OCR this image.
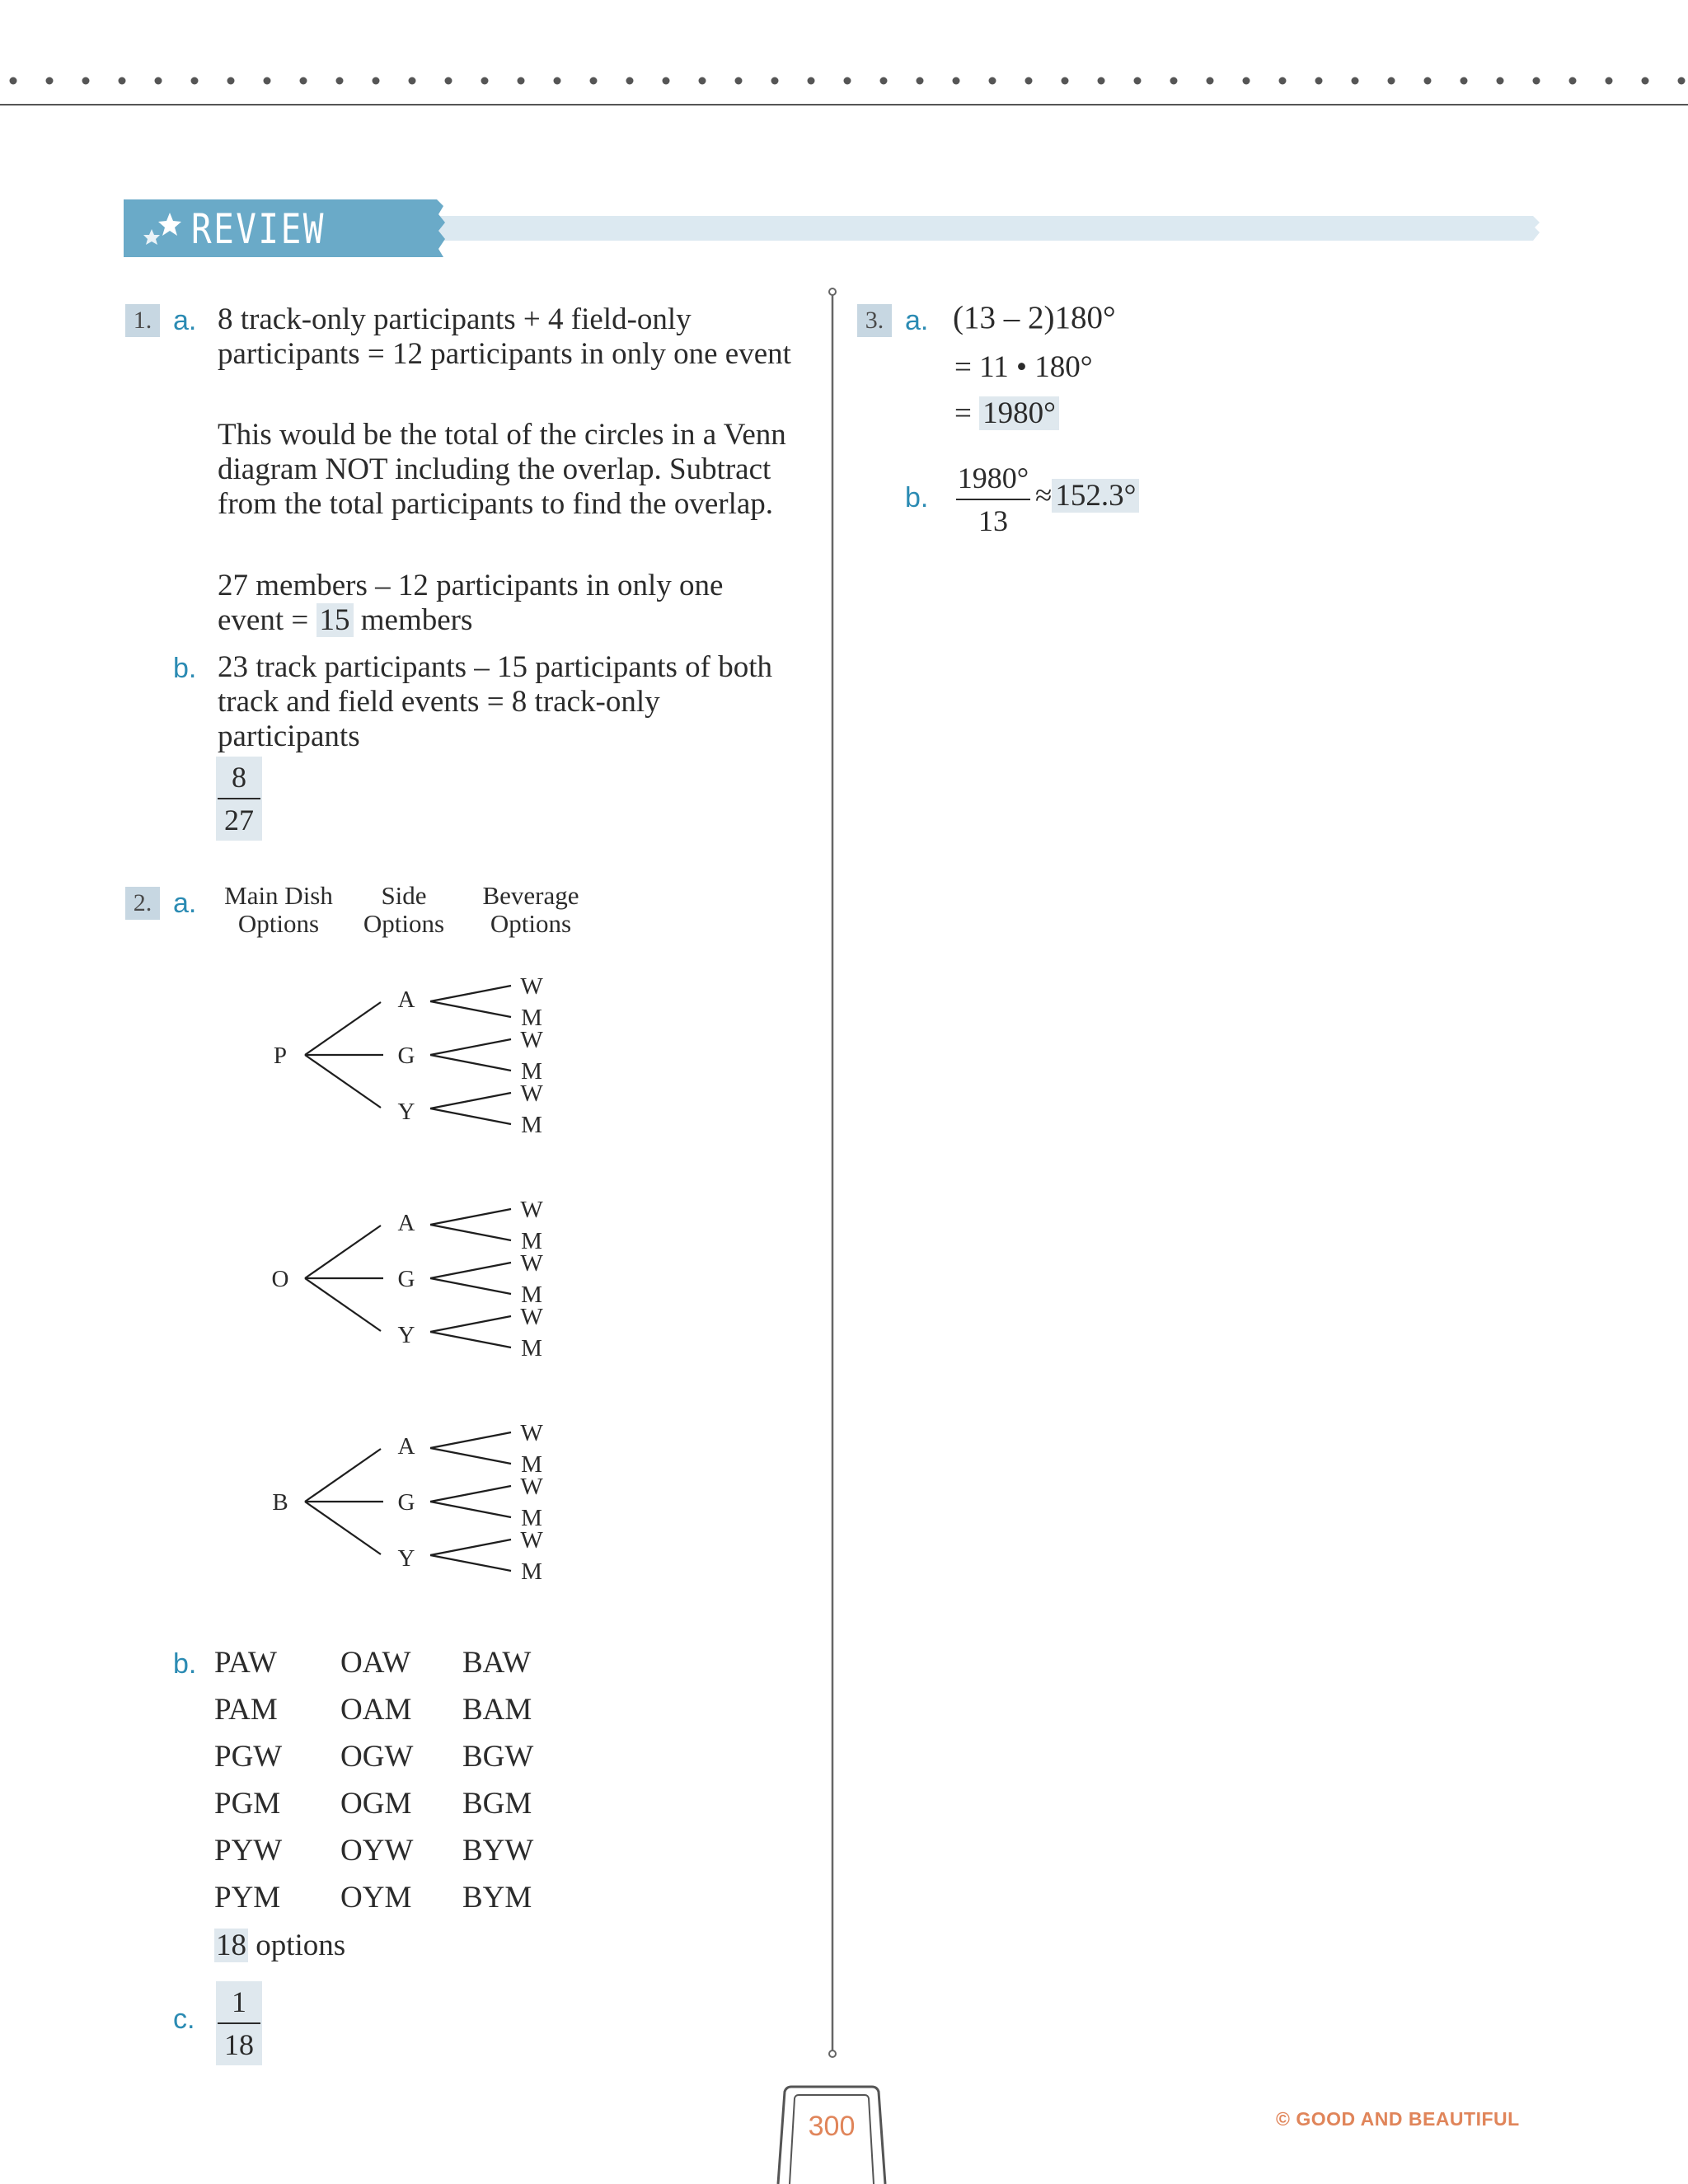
REVIEW
1. a. 8 track-only participants + 4 field-only participants = 12 participants in only one event

This would be the total of the circles in a Venn diagram NOT including the overlap. Subtract from the total participants to find the overlap.

27 members – 12 participants in only one event = 15 members

b. 23 track participants – 15 participants of both track and field events = 8 track-only participants

8
27
2. a. Main Dish
Options
Side
Options
Beverage
Options
P
A	W
M
G
W
M
Y
W
M
O
A	W
M
G
W
M
Y
W
M
B
A	W
M
G
W
M
Y
W
M
b. PAW OAW BAW
PAM OAM BAM
PGW OGW BGW
PGM OGM BGM
PYW OYW BYW
PYM OYM BYM
18 options
c.
1
18
3. a. (13 – 2)180°
= 11 • 180°
= 1980°
b.
1980°
13
≈ 152.3°
300	© GOOD AND BEAUTIFUL
